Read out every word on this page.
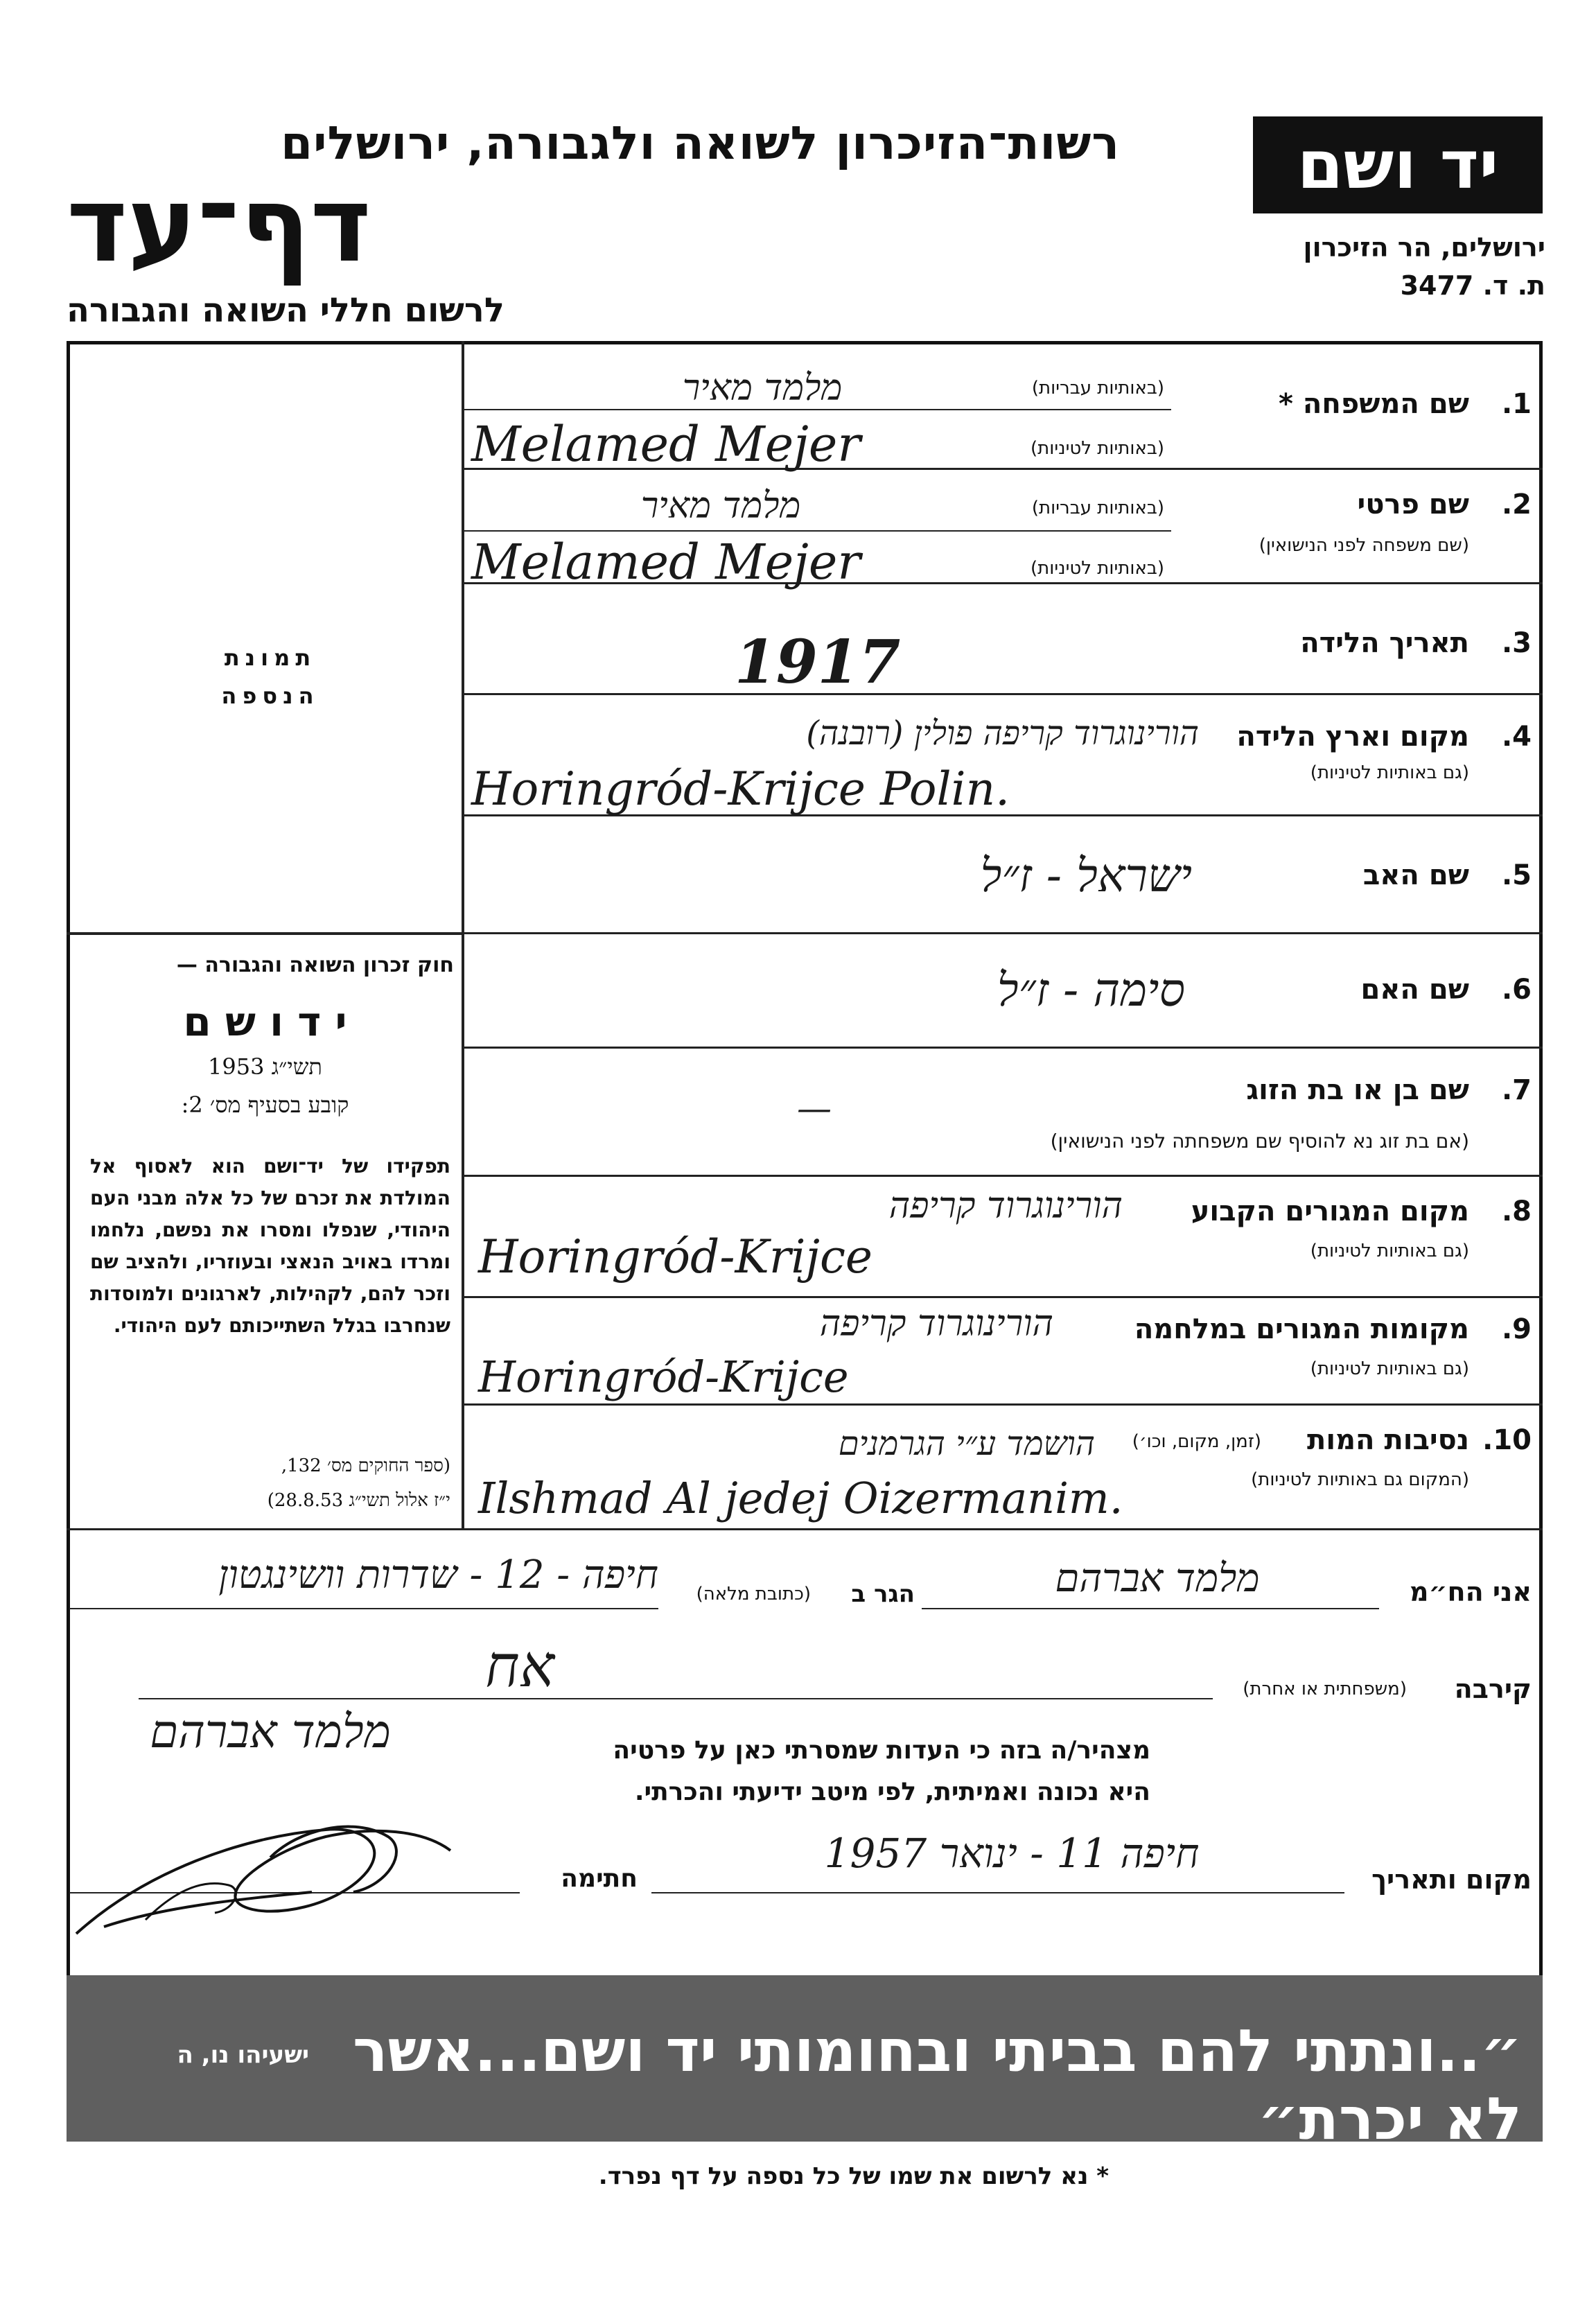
רשות־הזיכרון לשואה ולגבורה, ירושלים
דף־עד
לרשום חללי השואה והגבורה
יד ושם
ירושלים, הר הזיכרון
ת. ד. 3477
תמונת
הנספה
חוק זכרון השואה והגבורה —
י ד ו ש ם
תשי״ג 1953
קובע בסעיף מס׳ 2:
תפקידו של יד־ושם הוא לאסוף אל המולדת את זכרם של כל אלה מבני העם היהודי, שנפלו ומסרו את נפשם, נלחמו ומרדו באויב הנאצי ובעוזריו, ולהציב שם וזכר להם, לקהילות, לארגונים ולמוסדות שנחרבו בגלל השתייכותם לעם היהודי.
(ספר החוקים מס׳ 132,
י״ז אלול תשי״ג 28.8.53)
1.
שם המשפחה *
(באותיות עבריות)
מלמד מאיר
(באותיות לטיניות)
Melamed Mejer
2.
שם פרטי
(שם משפחה לפני הנישואין)
(באותיות עבריות)
מלמד מאיר
(באותיות לטיניות)
Melamed Mejer
3.
תאריך הלידה
1917
4.
מקום וארץ הלידה
(גם באותיות לטיניות)
הורינוגרוד קריפה פולין (רובנה)
Horingród-Krijce Polin.
5.
שם האב
ישראל - ז״ל
6.
שם האם
סימה - ז״ל
7.
שם בן או בת הזוג
(אם בת זוג נא להוסיף שם משפחתה לפני הנישואין)
—
8.
מקום המגורים הקבוע
(גם באותיות לטיניות)
הורינוגרוד קריפה
Horingród-Krijce
9.
מקומות המגורים במלחמה
(גם באותיות לטיניות)
הורינוגרוד קריפה
Horingród-Krijce
10.
נסיבות המות
(זמן, מקום, וכו׳)
(המקום גם באותיות לטיניות)
הושמד ע״י הגרמנים
Ilshmad Al jedej Oizermanim.
אני הח״מ
מלמד אברהם
הגר ב
(כתובת מלאה)
חיפה - 12 - שדרות וושינגטון
קירבה
(משפחתית או אחרת)
אח
מצהיר/ה בזה כי העדות שמסרתי כאן על פרטיה
היא נכונה ואמיתית, לפי מיטב ידיעתי והכרתי.
מלמד אברהם
מקום ותאריך
חיפה 11 - ינואר 1957
חתימה
״..ונתתי להם בביתי ובחומותי יד ושם...אשר לא יכרת״
ישעיהו נו, ה
* נא לרשום את שמו של כל נספה על דף נפרד.
